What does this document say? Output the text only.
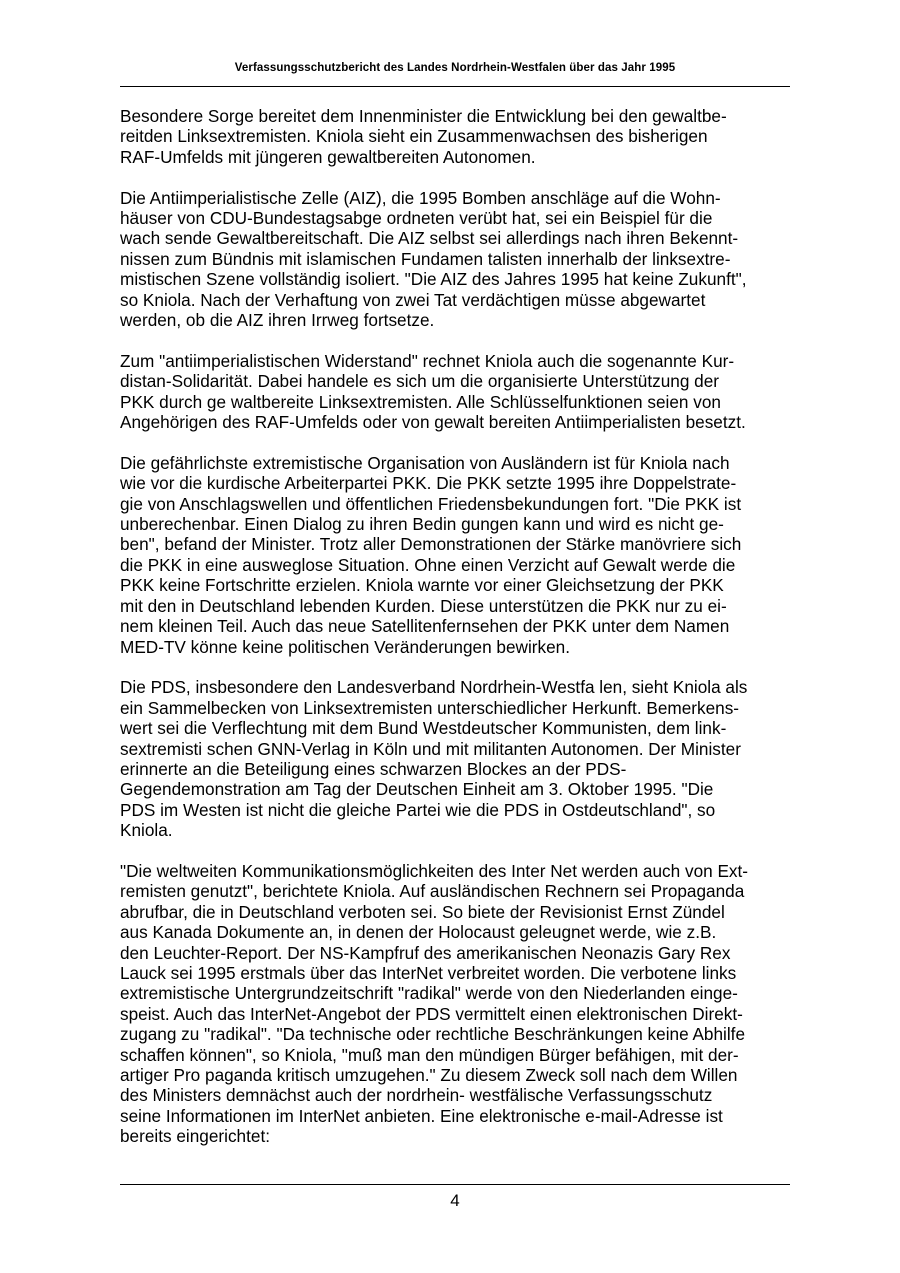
Verfassungsschutzbericht des Landes Nordrhein-Westfalen über das Jahr 1995

Besondere Sorge bereitet dem Innenminister die Entwicklung bei den gewaltbe-
reitden Linksextremisten. Kniola sieht ein Zusammenwachsen des bisherigen
RAF-Umfelds mit jüngeren gewaltbereiten Autonomen.

Die Antiimperialistische Zelle (AIZ), die 1995 Bomben anschläge auf die Wohn-
häuser von CDU-Bundestagsabge ordneten verübt hat, sei ein Beispiel für die
wach sende Gewaltbereitschaft. Die AIZ selbst sei allerdings nach ihren Bekennt-
nissen zum Bündnis mit islamischen Fundamen talisten innerhalb der linksextre-
mistischen Szene vollständig isoliert. "Die AIZ des Jahres 1995 hat keine Zukunft",
so Kniola. Nach der Verhaftung von zwei Tat verdächtigen müsse abgewartet
werden, ob die AIZ ihren Irrweg fortsetze.

Zum "antiimperialistischen Widerstand" rechnet Kniola auch die sogenannte Kur-
distan-Solidarität. Dabei handele es sich um die organisierte Unterstützung der
PKK durch ge waltbereite Linksextremisten. Alle Schlüsselfunktionen seien von
Angehörigen des RAF-Umfelds oder von gewalt bereiten Antiimperialisten besetzt.

Die gefährlichste extremistische Organisation von Ausländern ist für Kniola nach
wie vor die kurdische Arbeiterpartei PKK. Die PKK setzte 1995 ihre Doppelstrate-
gie von Anschlagswellen und öffentlichen Friedensbekundungen fort. "Die PKK ist
unberechenbar. Einen Dialog zu ihren Bedin gungen kann und wird es nicht ge-
ben", befand der Minister. Trotz aller Demonstrationen der Stärke manövriere sich
die PKK in eine ausweglose Situation. Ohne einen Verzicht auf Gewalt werde die
PKK keine Fortschritte erzielen. Kniola warnte vor einer Gleichsetzung der PKK
mit den in Deutschland lebenden Kurden. Diese unterstützen die PKK nur zu ei-
nem kleinen Teil. Auch das neue Satellitenfernsehen der PKK unter dem Namen
MED-TV könne keine politischen Veränderungen bewirken.

Die PDS, insbesondere den Landesverband Nordrhein-Westfa len, sieht Kniola als
ein Sammelbecken von Linksextremisten unterschiedlicher Herkunft. Bemerkens-
wert sei die Verflechtung mit dem Bund Westdeutscher Kommunisten, dem link-
sextremisti schen GNN-Verlag in Köln und mit militanten Autonomen. Der Minister
erinnerte an die Beteiligung eines schwarzen Blockes an der PDS-
Gegendemonstration am Tag der Deutschen Einheit am 3. Oktober 1995. "Die
PDS im Westen ist nicht die gleiche Partei wie die PDS in Ostdeutschland", so
Kniola.

"Die weltweiten Kommunikationsmöglichkeiten des Inter Net werden auch von Ext-
remisten genutzt", berichtete Kniola. Auf ausländischen Rechnern sei Propaganda
abrufbar, die in Deutschland verboten sei. So biete der Revisionist Ernst Zündel
aus Kanada Dokumente an, in denen der Holocaust geleugnet werde, wie z.B.
den Leuchter-Report. Der NS-Kampfruf des amerikanischen Neonazis Gary Rex
Lauck sei 1995 erstmals über das InterNet verbreitet worden. Die verbotene links
extremistische Untergrundzeitschrift "radikal" werde von den Niederlanden einge-
speist. Auch das InterNet-Angebot der PDS vermittelt einen elektronischen Direkt-
zugang zu "radikal". "Da technische oder rechtliche Beschränkungen keine Abhilfe
schaffen können", so Kniola, "muß man den mündigen Bürger befähigen, mit der-
artiger Pro paganda kritisch umzugehen." Zu diesem Zweck soll nach dem Willen
des Ministers demnächst auch der nordrhein- westfälische Verfassungsschutz
seine Informationen im InterNet anbieten. Eine elektronische e-mail-Adresse ist
bereits eingerichtet:

4
